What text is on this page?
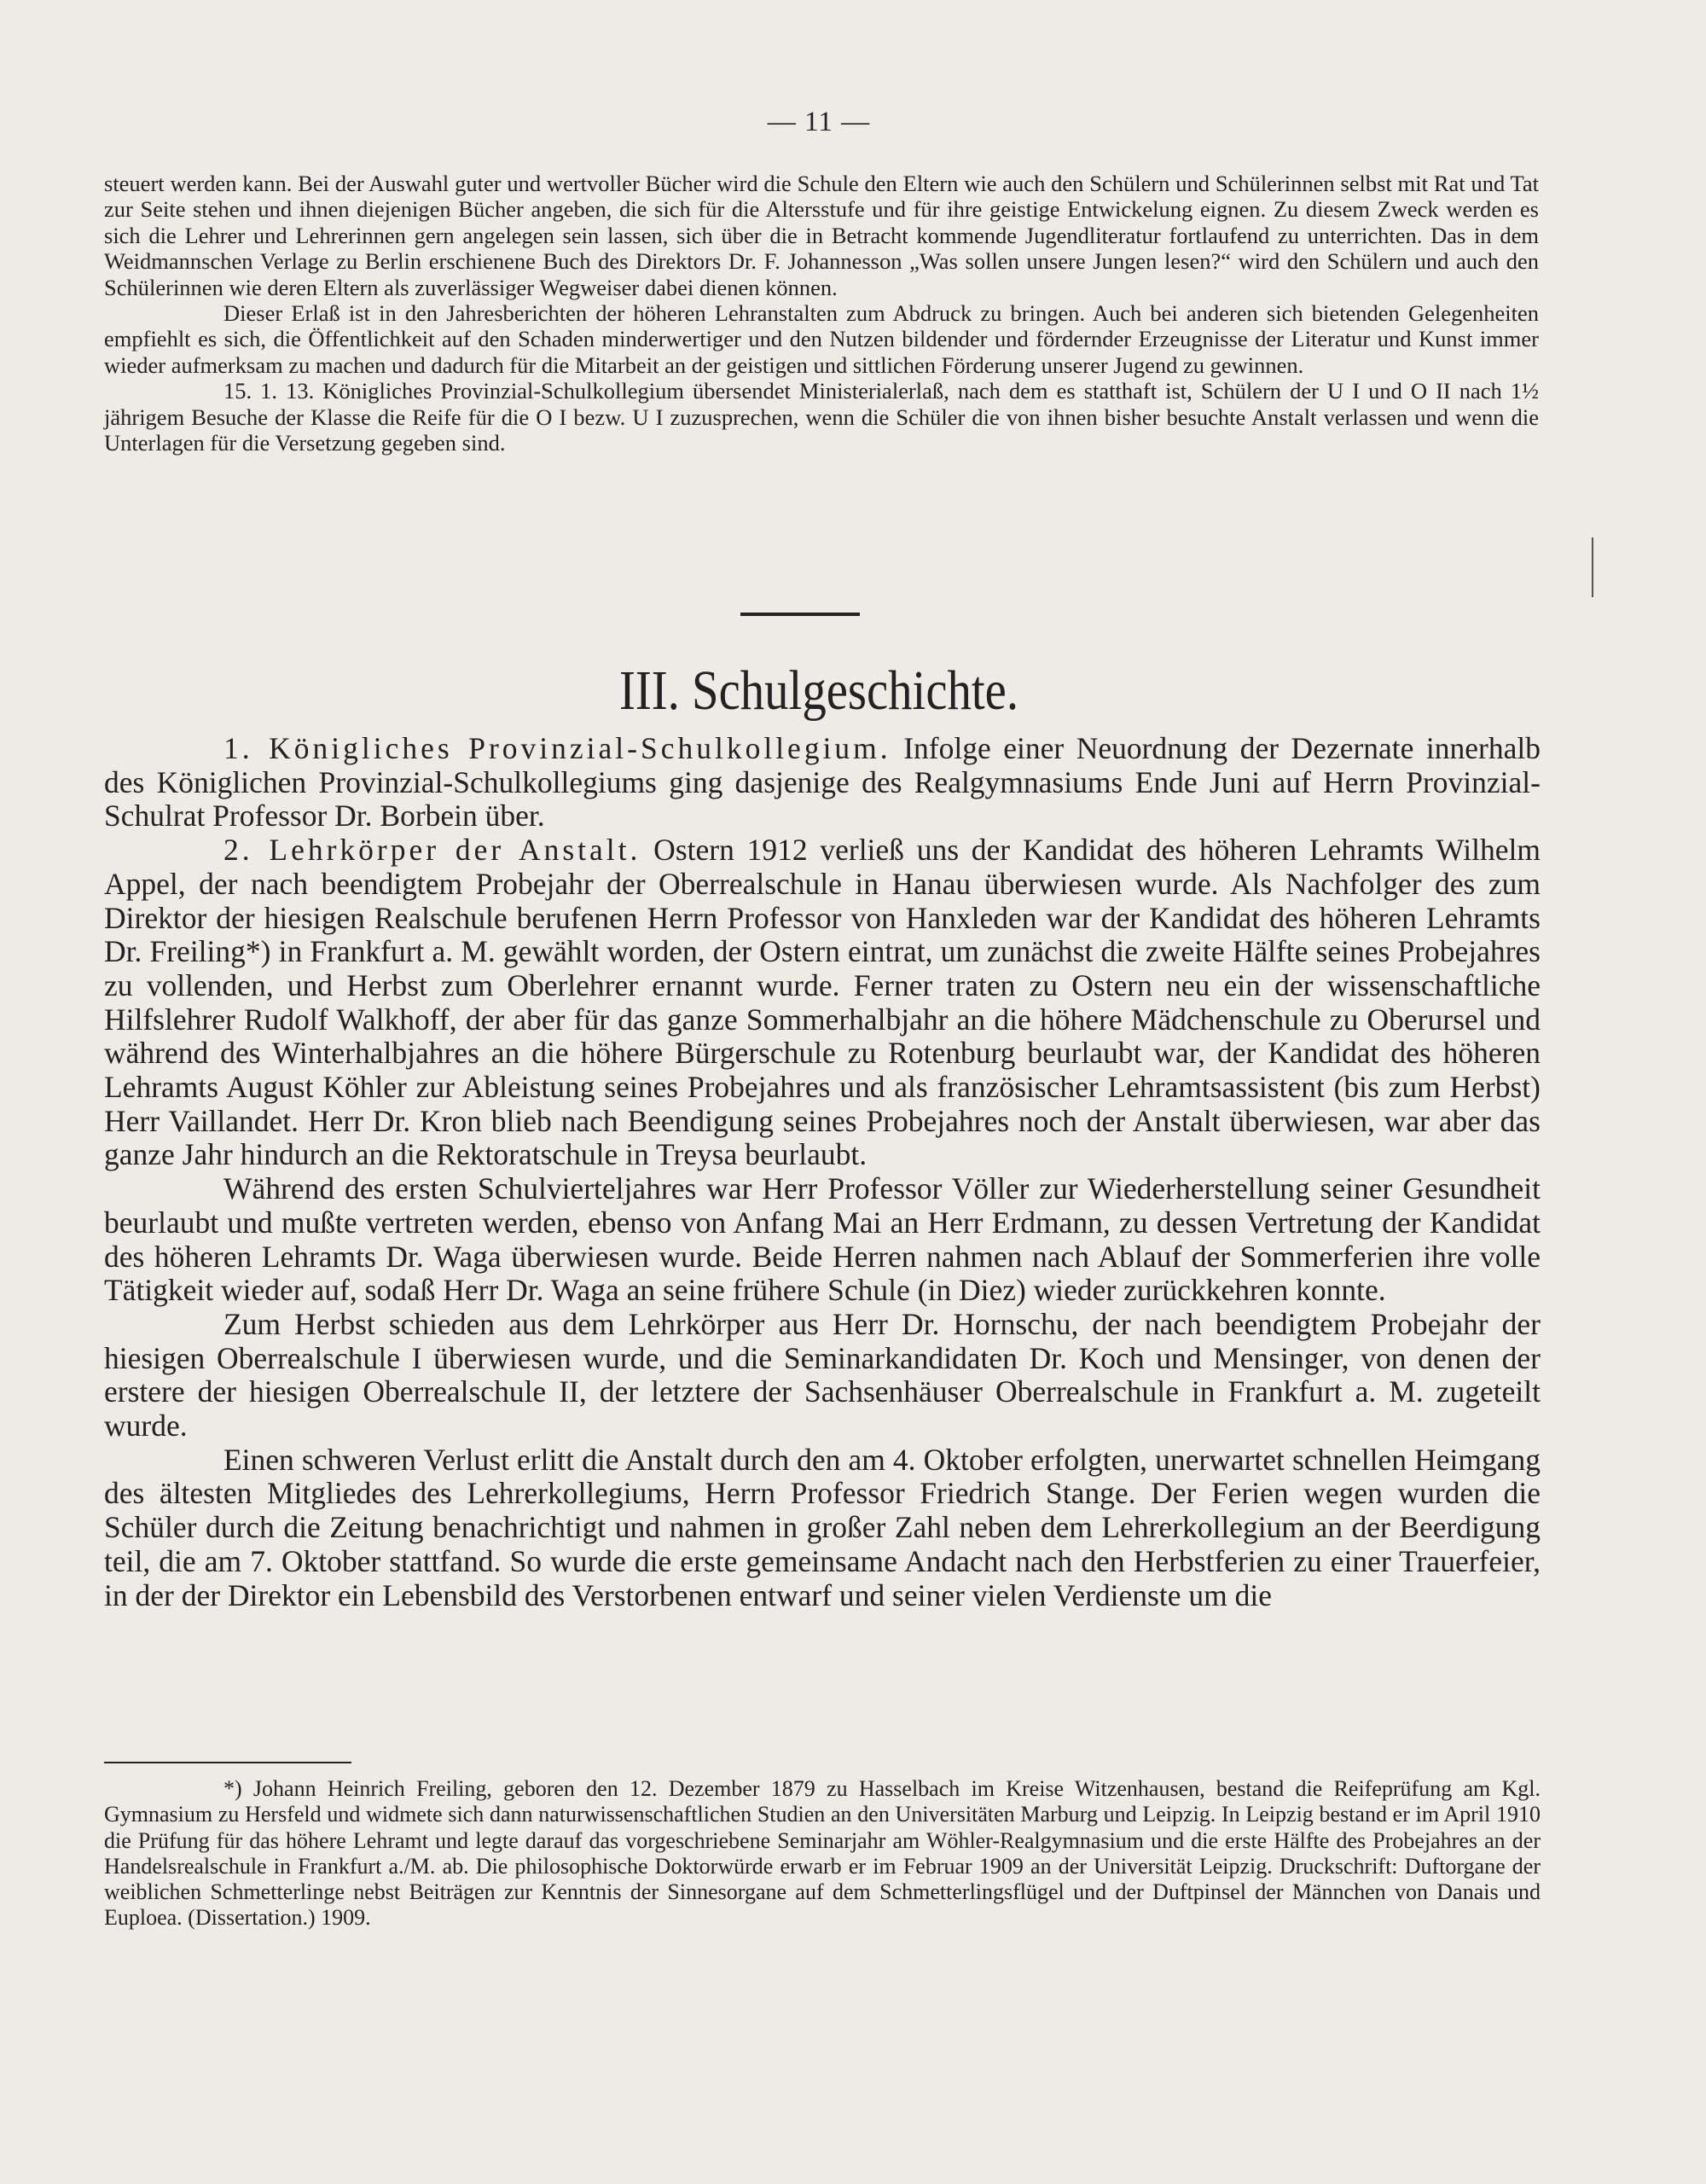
— 11 —

steuert werden kann. Bei der Auswahl guter und wertvoller Bücher wird die Schule den Eltern wie auch den Schülern und Schülerinnen selbst mit Rat und Tat zur Seite stehen und ihnen diejenigen Bücher angeben, die sich für die Altersstufe und für ihre geistige Entwickelung eignen. Zu diesem Zweck werden es sich die Lehrer und Lehrerinnen gern angelegen sein lassen, sich über die in Betracht kommende Jugendliteratur fortlaufend zu unterrichten. Das in dem Weidmannschen Verlage zu Berlin erschienene Buch des Direktors Dr. F. Johannesson „Was sollen unsere Jungen lesen?“ wird den Schülern und auch den Schülerinnen wie deren Eltern als zuverlässiger Wegweiser dabei dienen können.

Dieser Erlaß ist in den Jahresberichten der höheren Lehranstalten zum Abdruck zu bringen. Auch bei anderen sich bietenden Gelegenheiten empfiehlt es sich, die Öffentlichkeit auf den Schaden minderwertiger und den Nutzen bildender und fördernder Erzeugnisse der Literatur und Kunst immer wieder aufmerksam zu machen und dadurch für die Mitarbeit an der geistigen und sittlichen Förderung unserer Jugend zu gewinnen.

15. 1. 13. Königliches Provinzial-Schulkollegium übersendet Ministerialerlaß, nach dem es statthaft ist, Schülern der U I und O II nach 1½ jährigem Besuche der Klasse die Reife für die O I bezw. U I zuzusprechen, wenn die Schüler die von ihnen bisher besuchte Anstalt verlassen und wenn die Unterlagen für die Versetzung gegeben sind.

III. Schulgeschichte.

1. Königliches Provinzial-Schulkollegium. Infolge einer Neuordnung der Dezernate innerhalb des Königlichen Provinzial-Schulkollegiums ging dasjenige des Realgymnasiums Ende Juni auf Herrn Provinzial-Schulrat Professor Dr. Borbein über.

2. Lehrkörper der Anstalt. Ostern 1912 verließ uns der Kandidat des höheren Lehramts Wilhelm Appel, der nach beendigtem Probejahr der Oberrealschule in Hanau überwiesen wurde. Als Nachfolger des zum Direktor der hiesigen Realschule berufenen Herrn Professor von Hanxleden war der Kandidat des höheren Lehramts Dr. Freiling*) in Frankfurt a. M. gewählt worden, der Ostern eintrat, um zunächst die zweite Hälfte seines Probejahres zu vollenden, und Herbst zum Oberlehrer ernannt wurde. Ferner traten zu Ostern neu ein der wissenschaftliche Hilfslehrer Rudolf Walkhoff, der aber für das ganze Sommerhalbjahr an die höhere Mädchenschule zu Oberursel und während des Winterhalbjahres an die höhere Bürgerschule zu Rotenburg beurlaubt war, der Kandidat des höheren Lehramts August Köhler zur Ableistung seines Probejahres und als französischer Lehramtsassistent (bis zum Herbst) Herr Vaillandet. Herr Dr. Kron blieb nach Beendigung seines Probejahres noch der Anstalt überwiesen, war aber das ganze Jahr hindurch an die Rektoratschule in Treysa beurlaubt.

Während des ersten Schulvierteljahres war Herr Professor Völler zur Wiederherstellung seiner Gesundheit beurlaubt und mußte vertreten werden, ebenso von Anfang Mai an Herr Erdmann, zu dessen Vertretung der Kandidat des höheren Lehramts Dr. Waga überwiesen wurde. Beide Herren nahmen nach Ablauf der Sommerferien ihre volle Tätigkeit wieder auf, sodaß Herr Dr. Waga an seine frühere Schule (in Diez) wieder zurückkehren konnte.

Zum Herbst schieden aus dem Lehrkörper aus Herr Dr. Hornschu, der nach beendigtem Probejahr der hiesigen Oberrealschule I überwiesen wurde, und die Seminarkandidaten Dr. Koch und Mensinger, von denen der erstere der hiesigen Oberrealschule II, der letztere der Sachsenhäuser Oberrealschule in Frankfurt a. M. zugeteilt wurde.

Einen schweren Verlust erlitt die Anstalt durch den am 4. Oktober erfolgten, unerwartet schnellen Heimgang des ältesten Mitgliedes des Lehrerkollegiums, Herrn Professor Friedrich Stange. Der Ferien wegen wurden die Schüler durch die Zeitung benachrichtigt und nahmen in großer Zahl neben dem Lehrerkollegium an der Beerdigung teil, die am 7. Oktober stattfand. So wurde die erste gemeinsame Andacht nach den Herbstferien zu einer Trauerfeier, in der der Direktor ein Lebensbild des Verstorbenen entwarf und seiner vielen Verdienste um die

*) Johann Heinrich Freiling, geboren den 12. Dezember 1879 zu Hasselbach im Kreise Witzenhausen, bestand die Reifeprüfung am Kgl. Gymnasium zu Hersfeld und widmete sich dann naturwissenschaftlichen Studien an den Universitäten Marburg und Leipzig. In Leipzig bestand er im April 1910 die Prüfung für das höhere Lehramt und legte darauf das vorgeschriebene Seminarjahr am Wöhler-Realgymnasium und die erste Hälfte des Probejahres an der Handelsrealschule in Frankfurt a./M. ab. Die philosophische Doktorwürde erwarb er im Februar 1909 an der Universität Leipzig. Druckschrift: Duftorgane der weiblichen Schmetterlinge nebst Beiträgen zur Kenntnis der Sinnesorgane auf dem Schmetterlingsflügel und der Duftpinsel der Männchen von Danais und Euploea. (Dissertation.) 1909.
